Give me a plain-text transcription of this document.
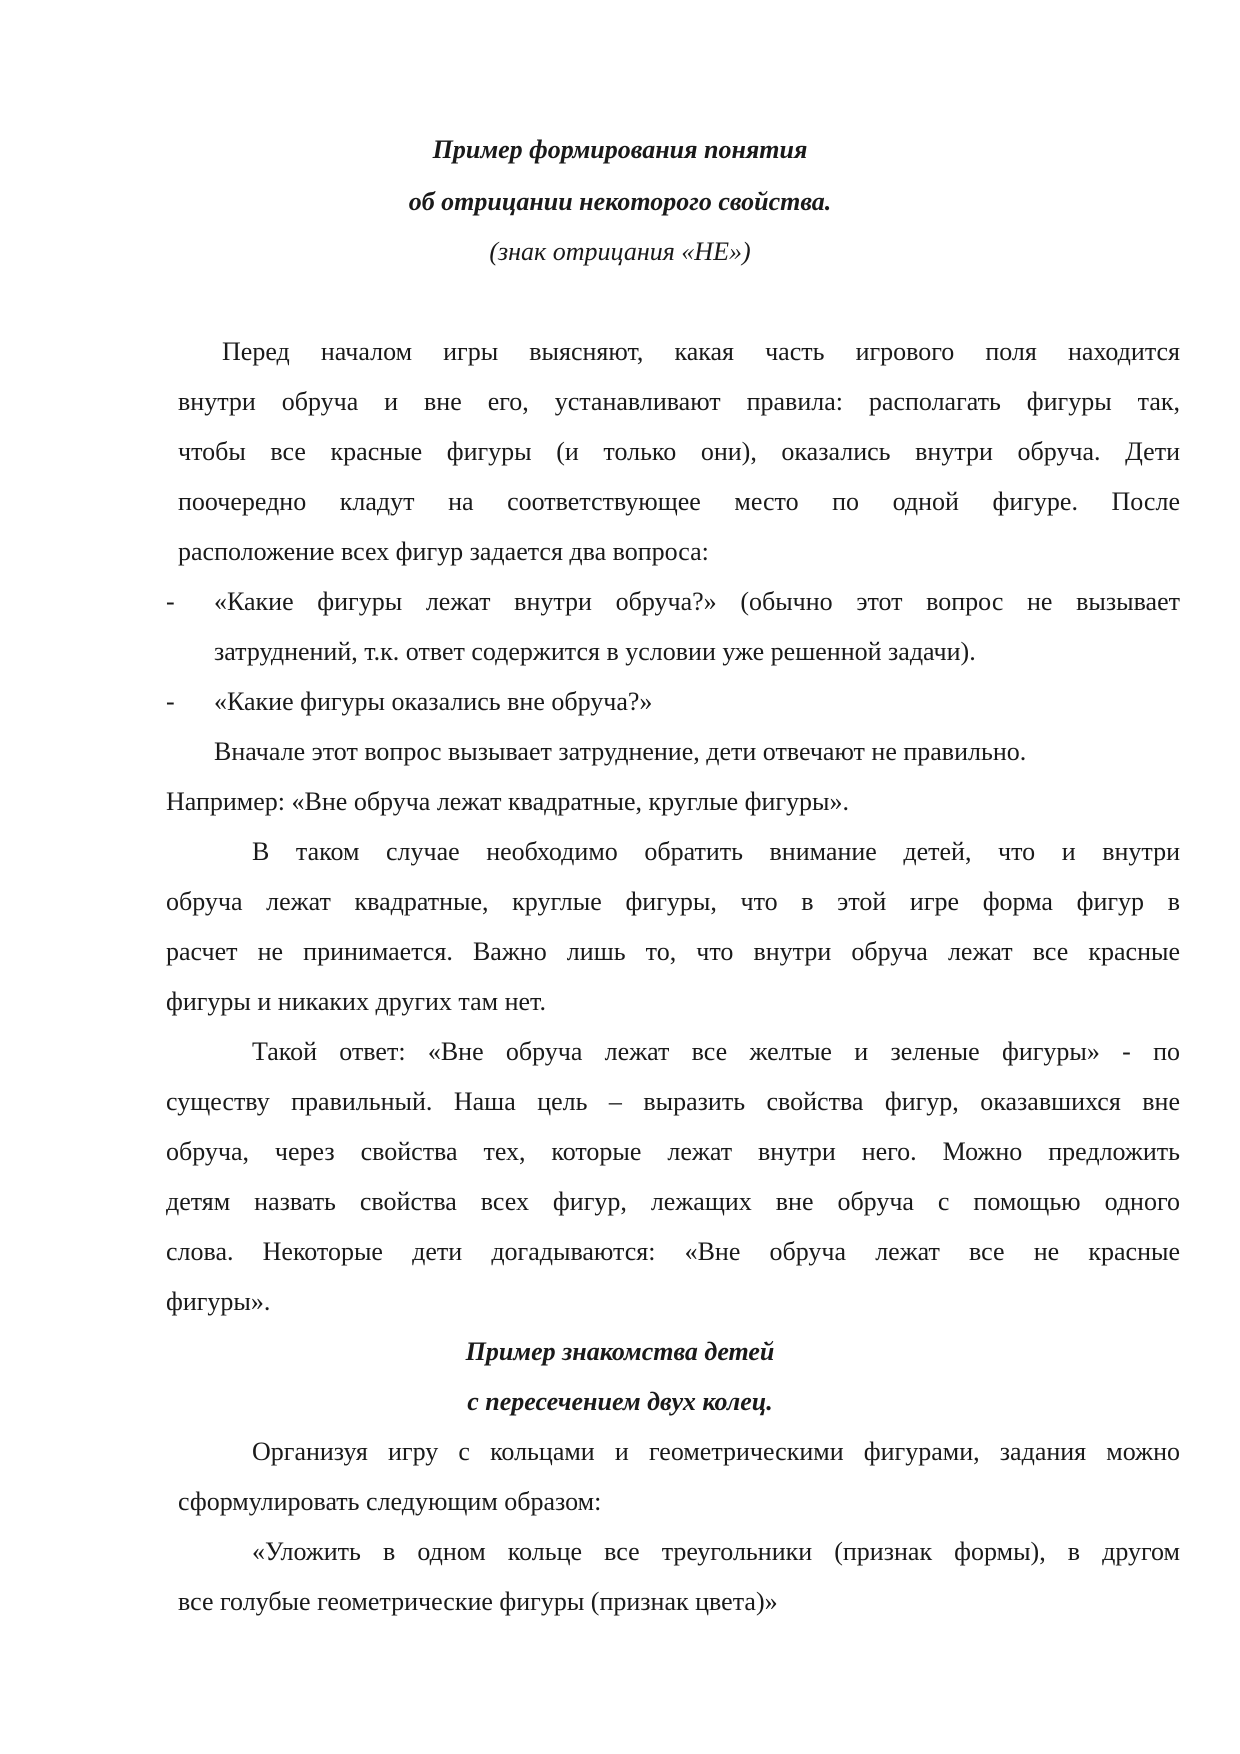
Пример формирования понятия
об отрицании некоторого свойства.
(знак отрицания «НЕ»)
Перед началом игры выясняют, какая часть игрового поля находится
внутри обруча и вне его, устанавливают правила: располагать фигуры так,
чтобы все красные фигуры (и только они), оказались внутри обруча. Дети
поочередно кладут на соответствующее место по одной фигуре. После
расположение всех фигур задается два вопроса:
- «Какие фигуры лежат внутри обруча?» (обычно этот вопрос не вызывает
затруднений, т.к. ответ содержится в условии уже решенной задачи).
- «Какие фигуры оказались вне обруча?»
Вначале этот вопрос вызывает затруднение, дети отвечают не правильно.
Например: «Вне обруча лежат квадратные, круглые фигуры».
В таком случае необходимо обратить внимание детей, что и внутри
обруча лежат квадратные, круглые фигуры, что в этой игре форма фигур в
расчет не принимается. Важно лишь то, что внутри обруча лежат все красные
фигуры и никаких других там нет.
Такой ответ: «Вне обруча лежат все желтые и зеленые фигуры» - по
существу правильный. Наша цель – выразить свойства фигур, оказавшихся вне
обруча, через свойства тех, которые лежат внутри него. Можно предложить
детям назвать свойства всех фигур, лежащих вне обруча с помощью одного
слова. Некоторые дети догадываются: «Вне обруча лежат все не красные
фигуры».
Пример знакомства детей
с пересечением двух колец.
Организуя игру с кольцами и геометрическими фигурами, задания можно
сформулировать следующим образом:
«Уложить в одном кольце все треугольники (признак формы), в другом
все голубые геометрические фигуры (признак цвета)»
